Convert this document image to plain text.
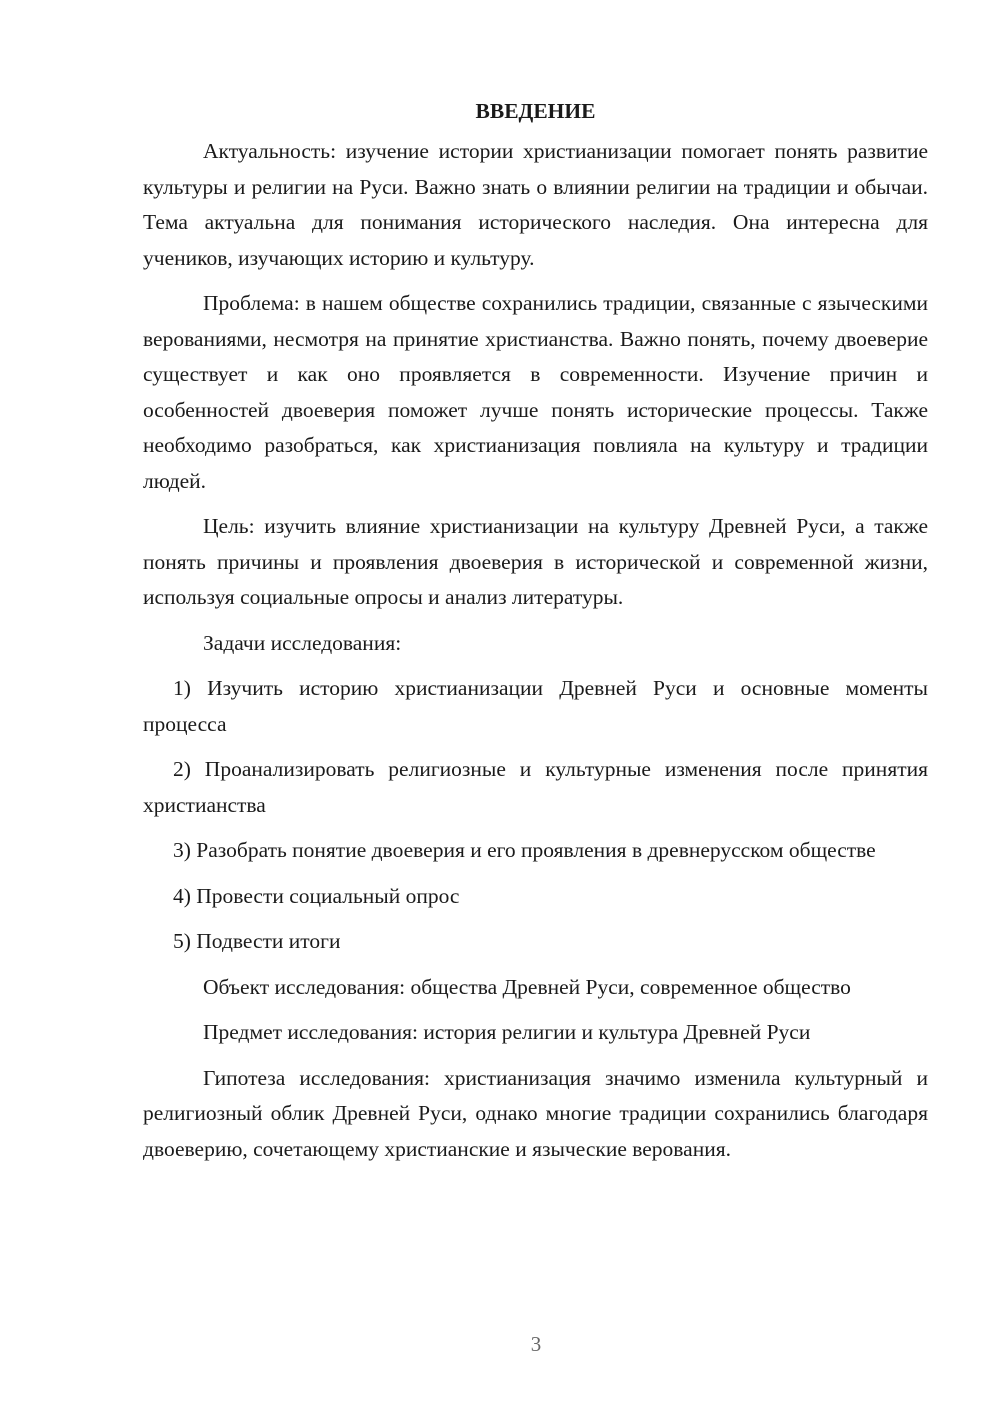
ВВЕДЕНИЕ

Актуальность: изучение истории христианизации помогает понять развитие культуры и религии на Руси. Важно знать о влиянии религии на традиции и обычаи. Тема актуальна для понимания исторического наследия. Она интересна для учеников, изучающих историю и культуру.

Проблема: в нашем обществе сохранились традиции, связанные с языческими верованиями, несмотря на принятие христианства. Важно понять, почему двоеверие существует и как оно проявляется в современности. Изучение причин и особенностей двоеверия поможет лучше понять исторические процессы. Также необходимо разобраться, как христианизация повлияла на культуру и традиции людей.

Цель: изучить влияние христианизации на культуру Древней Руси, а также понять причины и проявления двоеверия в исторической и современной жизни, используя социальные опросы и анализ литературы.

Задачи исследования:

1) Изучить историю христианизации Древней Руси и основные моменты процесса

2) Проанализировать религиозные и культурные изменения после принятия христианства

3) Разобрать понятие двоеверия и его проявления в древнерусском обществе

4) Провести социальный опрос

5) Подвести итоги

Объект исследования: общества Древней Руси, современное общество

Предмет исследования: история религии и культура Древней Руси

Гипотеза исследования: христианизация значимо изменила культурный и религиозный облик Древней Руси, однако многие традиции сохранились благодаря двоеверию, сочетающему христианские и языческие верования.

3
